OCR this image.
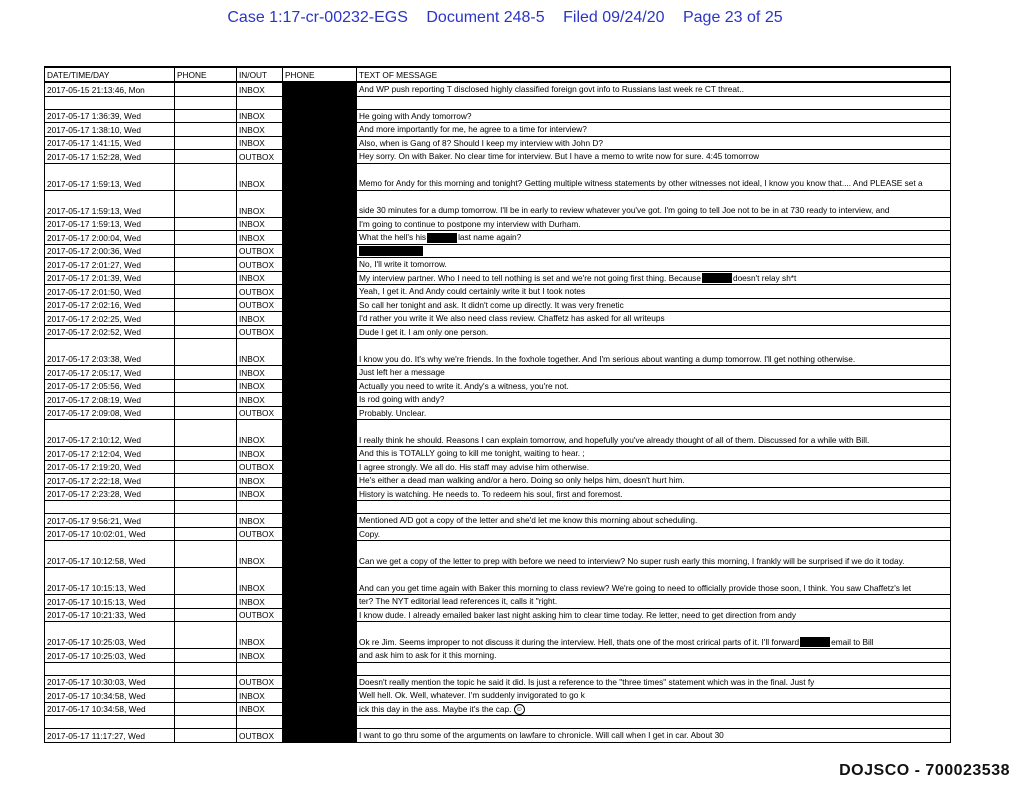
Case 1:17-cr-00232-EGS Document 248-5 Filed 09/24/20 Page 23 of 25
DATE/TIME/DAY	PHONE	IN/OUT	PHONE	TEXT OF MESSAGE
2017-05-15 21:13:46, Mon		INBOX		And WP push reporting T disclosed highly classified foreign govt info to Russians last week re CT threat..

2017-05-17 1:36:39, Wed		INBOX		He going with Andy tomorrow?
2017-05-17 1:38:10, Wed		INBOX		And more importantly for me, he agree to a time for interview?
2017-05-17 1:41:15, Wed		INBOX		Also, when is Gang of 8? Should I keep my interview with John D?
2017-05-17 1:52:28, Wed		OUTBOX		Hey sorry. On with Baker. No clear time for interview. But I have a memo to write now for sure. 4:45 tomorrow
2017-05-17 1:59:13, Wed		INBOX		Memo for Andy for this morning and tonight? Getting multiple witness statements by other witnesses not ideal, I know you know that.... And PLEASE set a
2017-05-17 1:59:13, Wed		INBOX		side 30 minutes for a dump tomorrow. I'll be in early to review whatever you've got. I'm going to tell Joe not to be in at 730 ready to interview, and
2017-05-17 1:59:13, Wed		INBOX		I'm going to continue to postpone my interview with Durham.
2017-05-17 2:00:04, Wed		INBOX		What the hell's his last name again?
2017-05-17 2:00:36, Wed		OUTBOX		
2017-05-17 2:01:27, Wed		OUTBOX		No, I'll write it tomorrow.
2017-05-17 2:01:39, Wed		INBOX		My interview partner. Who I need to tell nothing is set and we're not going first thing. Because doesn't relay sh*t
2017-05-17 2:01:50, Wed		OUTBOX		Yeah, I get it. And Andy could certainly write it but I took notes
2017-05-17 2:02:16, Wed		OUTBOX		So call her tonight and ask. It didn't come up directly. It was very frenetic
2017-05-17 2:02:25, Wed		INBOX		I'd rather you write it We also need class review. Chaffetz has asked for all writeups
2017-05-17 2:02:52, Wed		OUTBOX		Dude I get it. I am only one person.
2017-05-17 2:03:38, Wed		INBOX		I know you do. It's why we're friends. In the foxhole together. And I'm serious about wanting a dump tomorrow. I'll get nothing otherwise.
2017-05-17 2:05:17, Wed		INBOX		Just left her a message
2017-05-17 2:05:56, Wed		INBOX		Actually you need to write it. Andy's a witness, you're not.
2017-05-17 2:08:19, Wed		INBOX		Is rod going with andy?
2017-05-17 2:09:08, Wed		OUTBOX		Probably. Unclear.
2017-05-17 2:10:12, Wed		INBOX		I really think he should. Reasons I can explain tomorrow, and hopefully you've already thought of all of them. Discussed for a while with Bill.
2017-05-17 2:12:04, Wed		INBOX		And this is TOTALLY going to kill me tonight, waiting to hear. ;
2017-05-17 2:19:20, Wed		OUTBOX		I agree strongly. We all do. His staff may advise him otherwise.
2017-05-17 2:22:18, Wed		INBOX		He's either a dead man walking and/or a hero. Doing so only helps him, doesn't hurt him.
2017-05-17 2:23:28, Wed		INBOX		History is watching. He needs to. To redeem his soul, first and foremost.

2017-05-17 9:56:21, Wed		INBOX		Mentioned A/D got a copy of the letter and she'd let me know this morning about scheduling.
2017-05-17 10:02:01, Wed		OUTBOX		Copy.
2017-05-17 10:12:58, Wed		INBOX		Can we get a copy of the letter to prep with before we need to interview? No super rush early this morning, I frankly will be surprised if we do it today.
2017-05-17 10:15:13, Wed		INBOX		And can you get time again with Baker this morning to class review? We're going to need to officially provide those soon, I think. You saw Chaffetz's let
2017-05-17 10:15:13, Wed		INBOX		ter? The NYT editorial lead references it, calls it "right.
2017-05-17 10:21:33, Wed		OUTBOX		I know dude. I already emailed baker last night asking him to clear time today. Re letter, need to get direction from andy
2017-05-17 10:25:03, Wed		INBOX		Ok re Jim. Seems improper to not discuss it during the interview. Hell, thats one of the most crirical parts of it. I'll forward email to Bill
2017-05-17 10:25:03, Wed		INBOX		and ask him to ask for it this morning.

2017-05-17 10:30:03, Wed		OUTBOX		Doesn't really mention the topic he said it did. Is just a reference to the "three times" statement which was in the final. Just fy
2017-05-17 10:34:58, Wed		INBOX		Well hell. Ok. Well, whatever. I'm suddenly invigorated to go k
2017-05-17 10:34:58, Wed		INBOX		ick this day in the ass. Maybe it's the cap. ☺

2017-05-17 11:17:27, Wed		OUTBOX		I want to go thru some of the arguments on lawfare to chronicle. Will call when I get in car. About 30
DOJSCO - 700023538
